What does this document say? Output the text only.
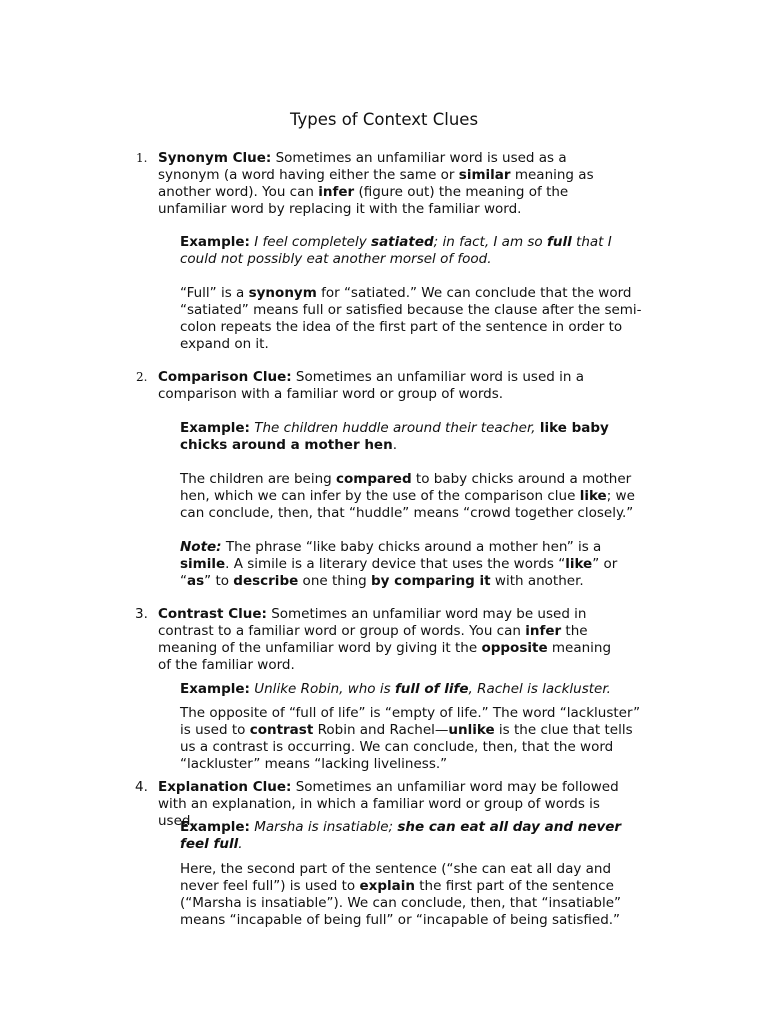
Types of Context Clues
1. Synonym Clue: Sometimes an unfamiliar word is used as a synonym (a word having either the same or similar meaning as another word). You can infer (figure out) the meaning of the unfamiliar word by replacing it with the familiar word.

Example: I feel completely satiated; in fact, I am so full that I could not possibly eat another morsel of food.

“Full” is a synonym for “satiated.” We can conclude that the word “satiated” means full or satisfied because the clause after the semi-colon repeats the idea of the first part of the sentence in order to expand on it.

2. Comparison Clue: Sometimes an unfamiliar word is used in a comparison with a familiar word or group of words.

Example: The children huddle around their teacher, like baby chicks around a mother hen.

The children are being compared to baby chicks around a mother hen, which we can infer by the use of the comparison clue like; we can conclude, then, that “huddle” means “crowd together closely.”

Note: The phrase “like baby chicks around a mother hen” is a simile. A simile is a literary device that uses the words “like” or “as” to describe one thing by comparing it with another.

3. Contrast Clue: Sometimes an unfamiliar word may be used in contrast to a familiar word or group of words. You can infer the meaning of the unfamiliar word by giving it the opposite meaning of the familiar word.

Example: Unlike Robin, who is full of life, Rachel is lackluster.

The opposite of “full of life” is “empty of life.” The word “lackluster” is used to contrast Robin and Rachel—unlike is the clue that tells us a contrast is occurring. We can conclude, then, that the word “lackluster” means “lacking liveliness.”

4. Explanation Clue: Sometimes an unfamiliar word may be followed with an explanation, in which a familiar word or group of words is used.

Example: Marsha is insatiable; she can eat all day and never feel full.

Here, the second part of the sentence (“she can eat all day and never feel full”) is used to explain the first part of the sentence (“Marsha is insatiable”). We can conclude, then, that “insatiable” means “incapable of being full” or “incapable of being satisfied.”
